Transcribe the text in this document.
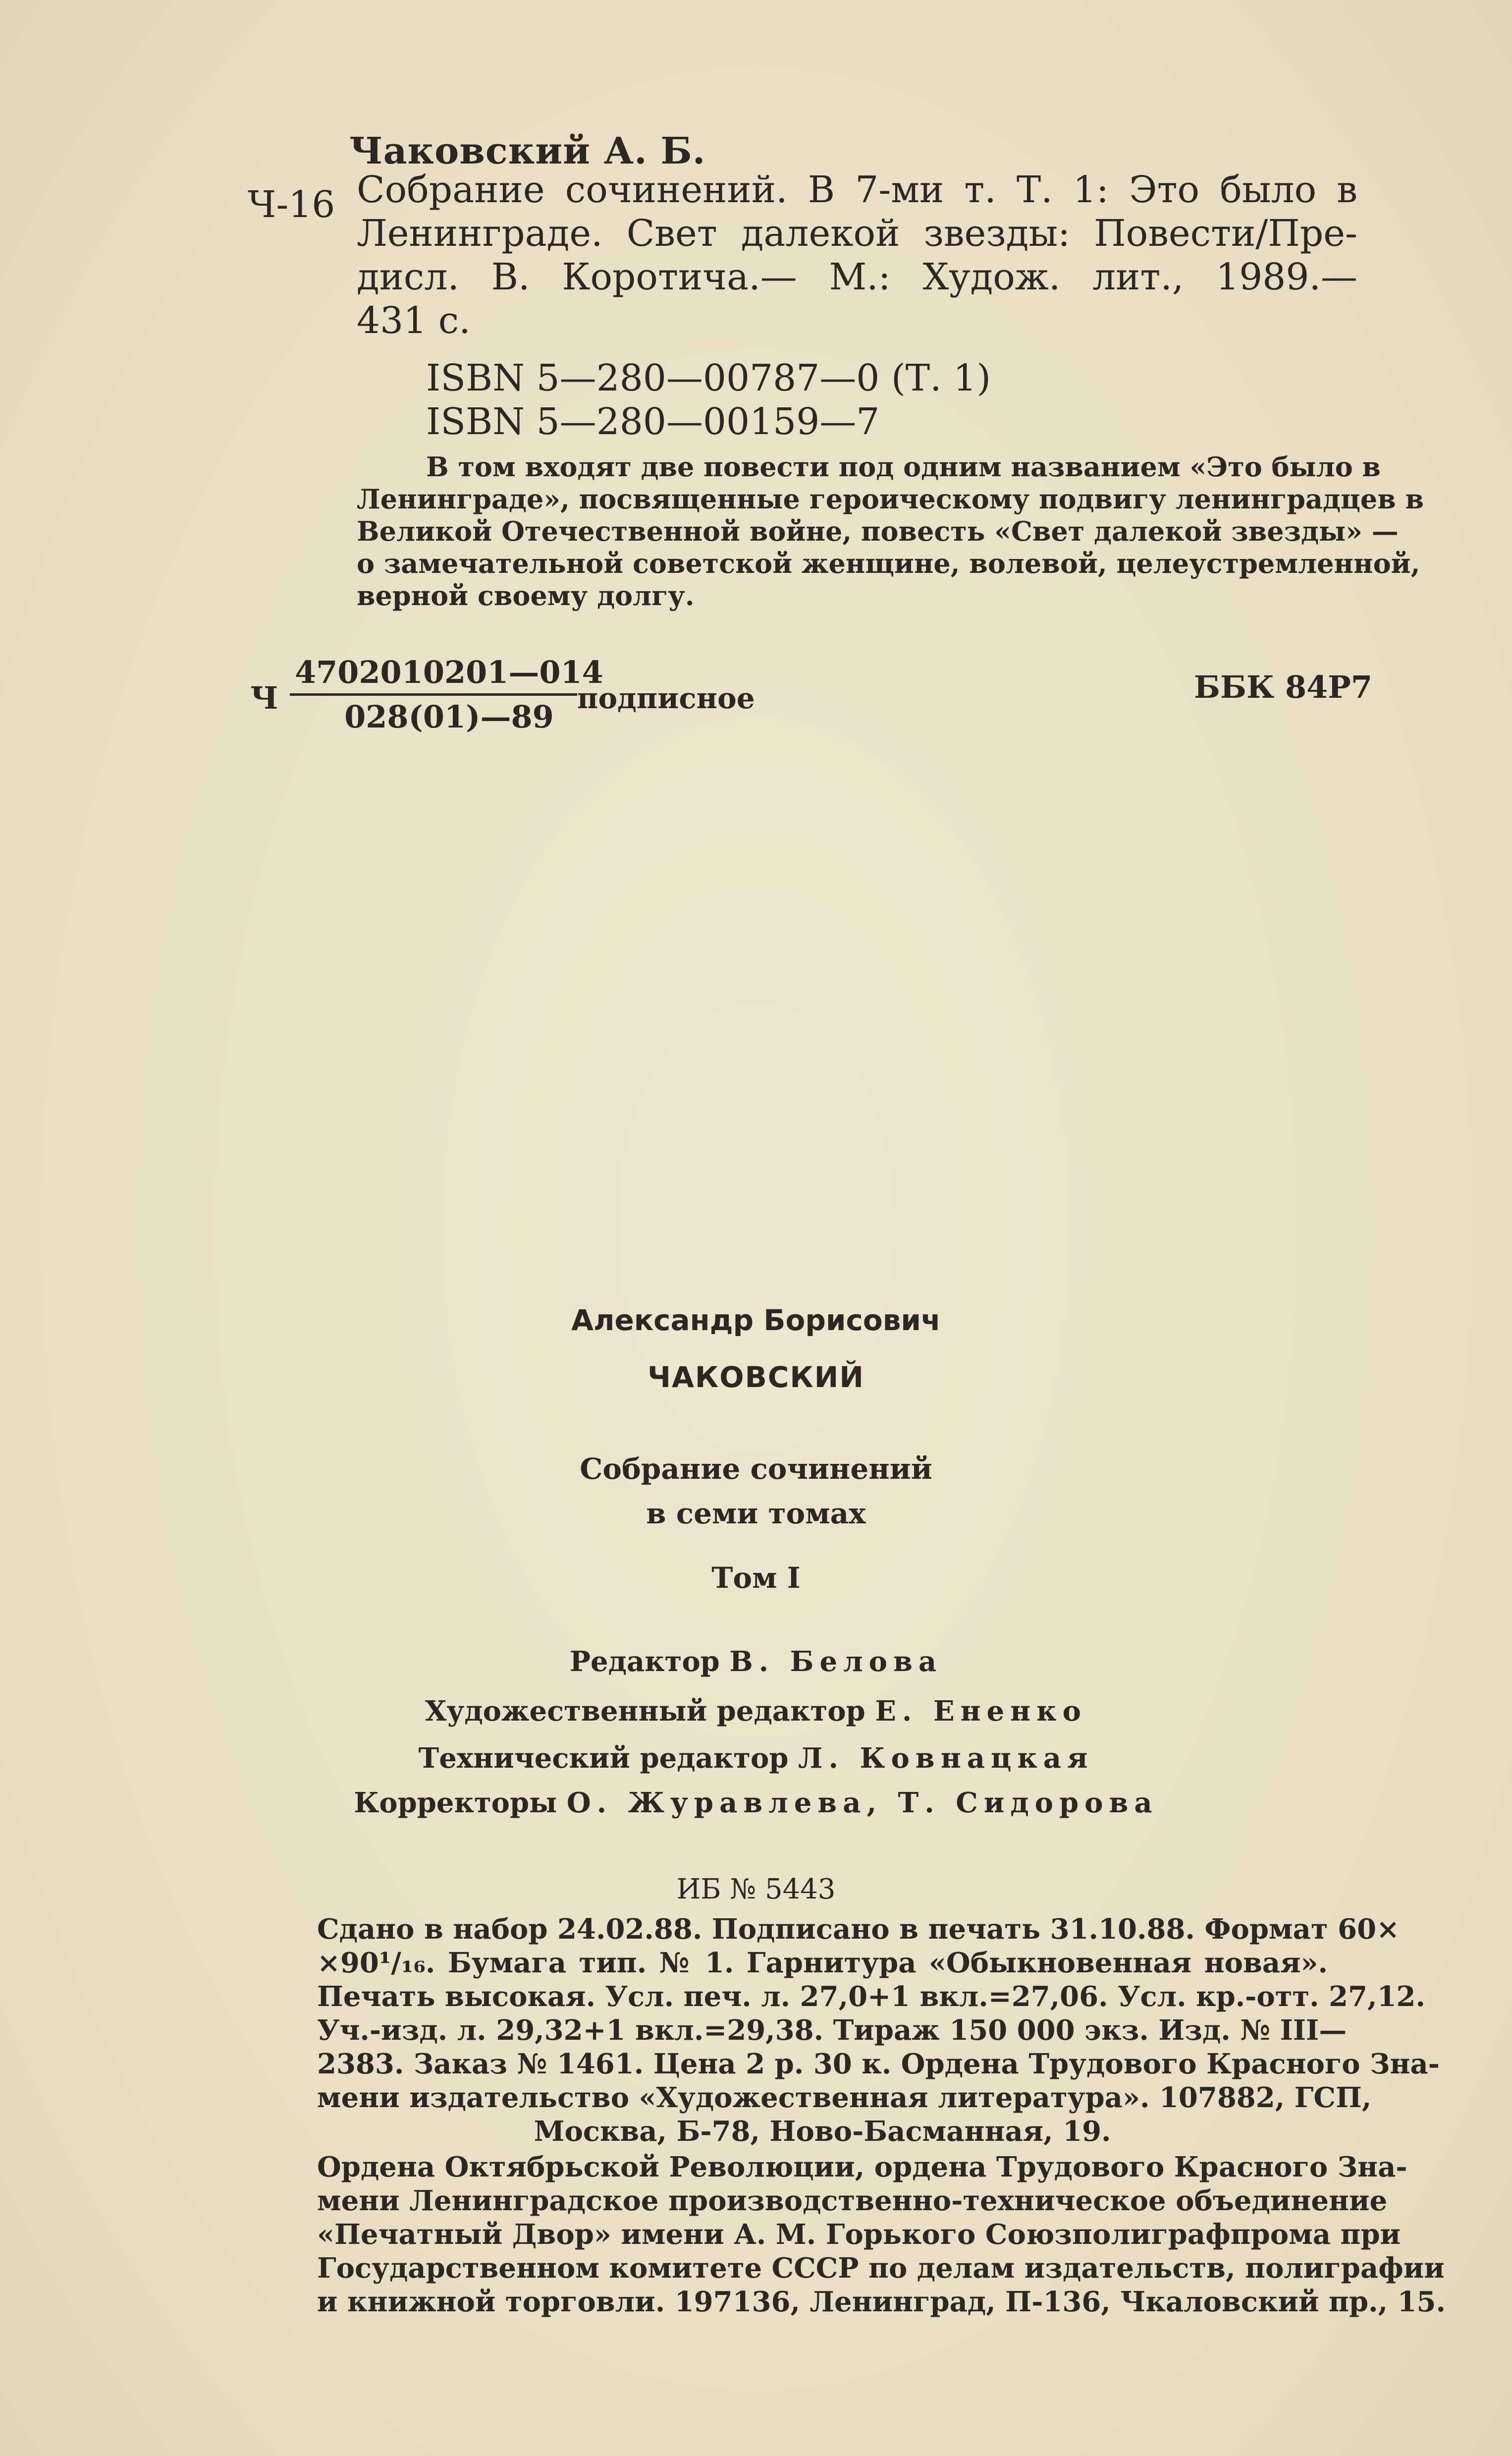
Чаковский А. Б.
Ч-16 Собрание сочинений. В 7-ми т. Т. 1: Это было в
Ленинграде. Свет далекой звезды: Повести/Пре-
дисл. В. Коротича.— М.: Худож. лит., 1989.—
431 с.
ISBN 5—280—00787—0 (Т. 1)
ISBN 5—280—00159—7
В том входят две повести под одним названием «Это было в
Ленинграде», посвященные героическому подвигу ленинградцев в
Великой Отечественной войне, повесть «Свет далекой звезды» —
о замечательной советской женщине, волевой, целеустремленной,
верной своему долгу.
Ч
4702010201—014
028(01)—89
подписное	ББК 84Р7
Александр Борисович
ЧАКОВСКИЙ
Собрание сочинений
в семи томах
Том I
Редактор В. Белова
Художественный редактор Е. Ененко
Технический редактор Л. Ковнацкая
Корректоры О. Журавлева, Т. Сидорова
ИБ № 5443
Сдано в набор 24.02.88. Подписано в печать 31.10.88. Формат 60×
×90¹/₁₆. Бумага тип. № 1. Гарнитура «Обыкновенная новая».
Печать высокая. Усл. печ. л. 27,0+1 вкл.=27,06. Усл. кр.-отт. 27,12.
Уч.-изд. л. 29,32+1 вкл.=29,38. Тираж 150 000 экз. Изд. № III—
2383. Заказ № 1461. Цена 2 р. 30 к. Ордена Трудового Красного Зна-
мени издательство «Художественная литература». 107882, ГСП,
Москва, Б-78, Ново-Басманная, 19.
Ордена Октябрьской Революции, ордена Трудового Красного Зна-
мени Ленинградское производственно-техническое объединение
«Печатный Двор» имени А. М. Горького Союзполиграфпрома при
Государственном комитете СССР по делам издательств, полиграфии
и книжной торговли. 197136, Ленинград, П-136, Чкаловский пр., 15.
